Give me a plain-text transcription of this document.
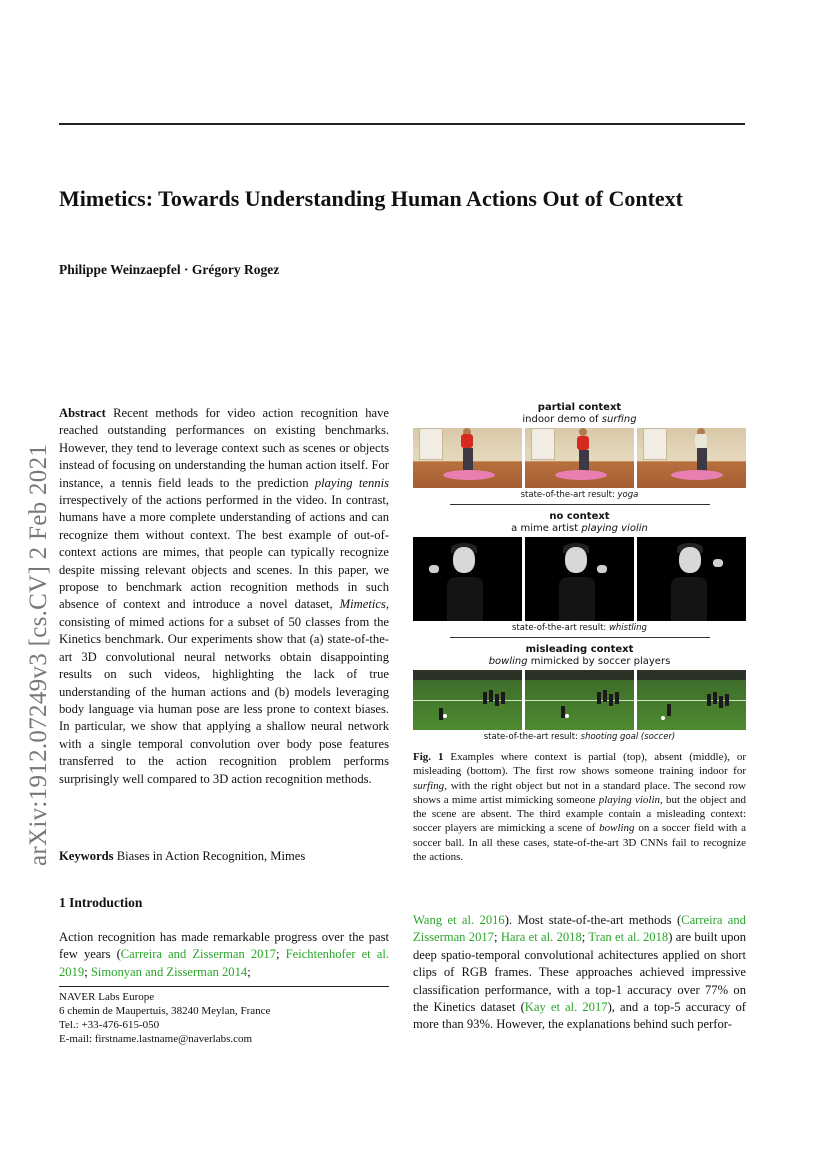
Mimetics: Towards Understanding Human Actions Out of Context
Philippe Weinzaepfel · Grégory Rogez
arXiv:1912.07249v3 [cs.CV] 2 Feb 2021
Abstract Recent methods for video action recognition have reached outstanding performances on existing benchmarks. However, they tend to leverage context such as scenes or objects instead of focusing on understanding the human action itself. For instance, a tennis field leads to the prediction playing tennis irrespectively of the actions performed in the video. In contrast, humans have a more complete understanding of actions and can recognize them without context. The best example of out-of-context actions are mimes, that people can typically recognize despite missing relevant objects and scenes. In this paper, we propose to benchmark action recognition methods in such absence of context and introduce a novel dataset, Mimetics, consisting of mimed actions for a subset of 50 classes from the Kinetics benchmark. Our experiments show that (a) state-of-the-art 3D convolutional neural networks obtain disappointing results on such videos, highlighting the lack of true understanding of the human actions and (b) models leveraging body language via human pose are less prone to context biases. In particular, we show that applying a shallow neural network with a single temporal convolution over body pose features transferred to the action recognition problem performs surprisingly well compared to 3D action recognition methods.
Keywords Biases in Action Recognition, Mimes
1 Introduction
Action recognition has made remarkable progress over the past few years (Carreira and Zisserman 2017; Feichtenhofer et al. 2019; Simonyan and Zisserman 2014;
NAVER Labs Europe
6 chemin de Maupertuis, 38240 Meylan, France
Tel.: +33-476-615-050
E-mail: firstname.lastname@naverlabs.com
partial context
indoor demo of surfing
state-of-the-art result: yoga
no context
a mime artist playing violin
state-of-the-art result: whistling
misleading context
bowling mimicked by soccer players
state-of-the-art result: shooting goal (soccer)
Fig. 1 Examples where context is partial (top), absent (middle), or misleading (bottom). The first row shows someone training indoor for surfing, with the right object but not in a standard place. The second row shows a mime artist mimicking someone playing violin, but the object and the scene are absent. The third example contain a misleading context: soccer players are mimicking a scene of bowling on a soccer field with a soccer ball. In all these cases, state-of-the-art 3D CNNs fail to recognize the actions.
Wang et al. 2016). Most state-of-the-art methods (Carreira and Zisserman 2017; Hara et al. 2018; Tran et al. 2018) are built upon deep spatio-temporal convolutional achitectures applied on short clips of RGB frames. These approaches achieved impressive classification performance, with a top-1 accuracy over 77% on the Kinetics dataset (Kay et al. 2017), and a top-5 accuracy of more than 93%. However, the explanations behind such perfor-
